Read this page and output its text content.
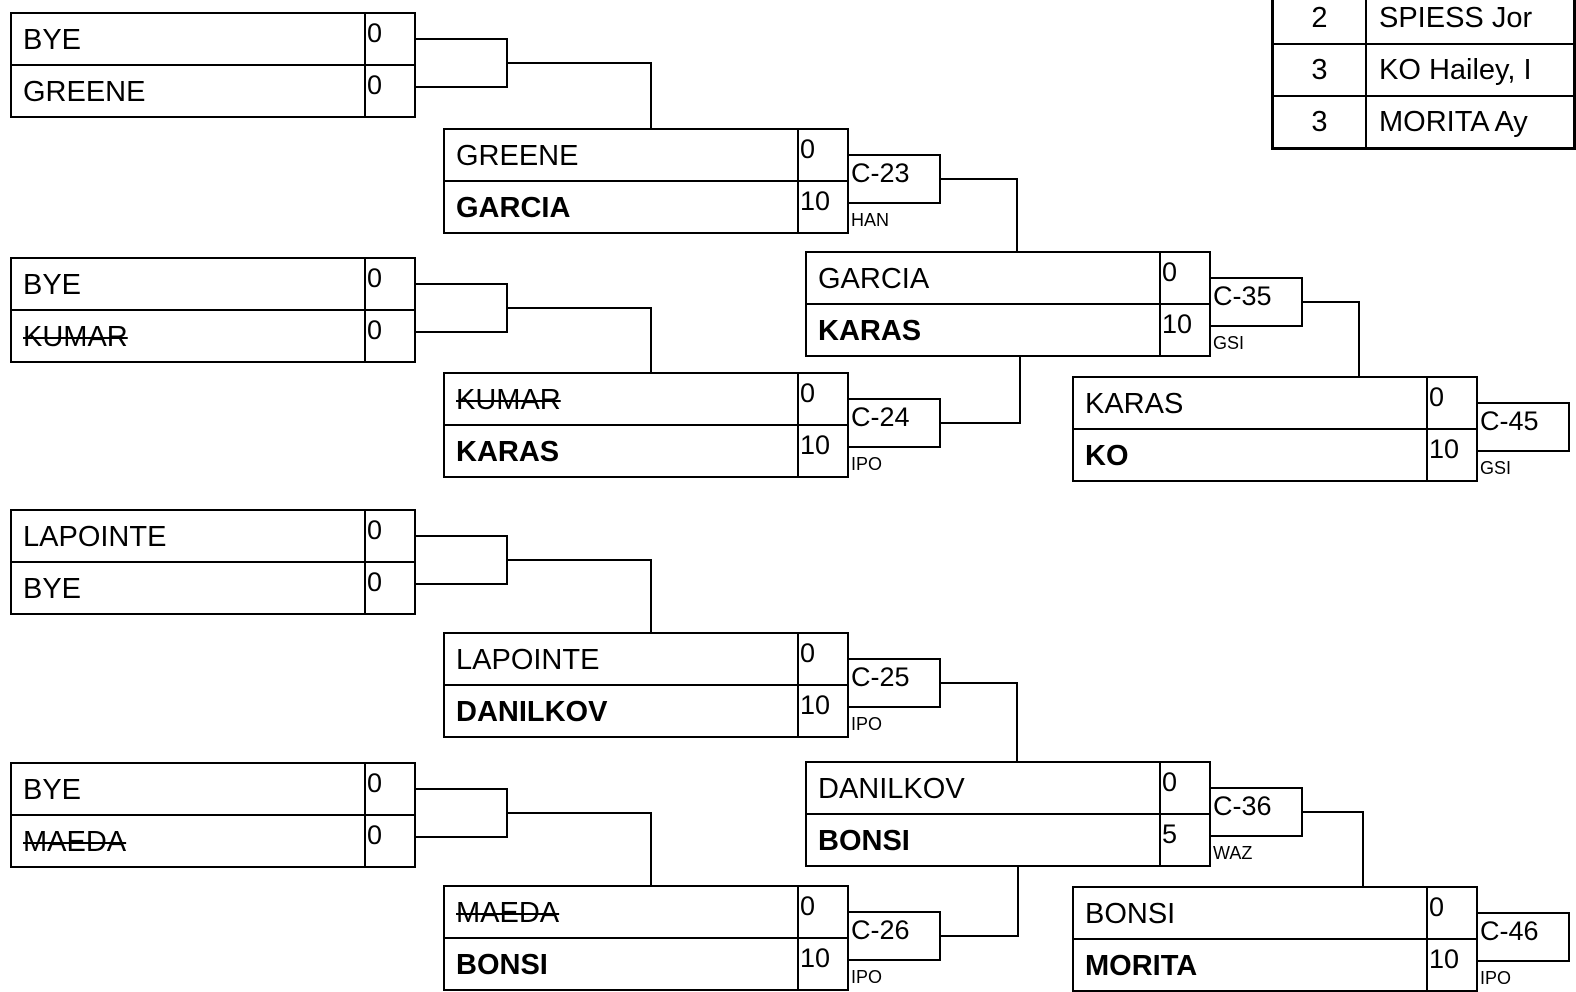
BYE	0
GREENE	0
BYE	0
KUMAR	0
LAPOINTE	0
BYE	0
BYE	0
MAEDA	0
GREENE	0
GARCIA	10
C-23
HAN
KUMAR	0
KARAS	10
C-24
IPO
LAPOINTE	0
DANILKOV	10
C-25
IPO
MAEDA	0
BONSI	10
C-26
IPO
GARCIA	0
KARAS	10
C-35
GSI
DANILKOV	0
BONSI	5
C-36
WAZ
KARAS	0
KO	10
C-45
GSI
BONSI	0
MORITA	10
C-46
IPO
2	SPIESS Jor
3	KO Hailey, I
3	MORITA Ay
